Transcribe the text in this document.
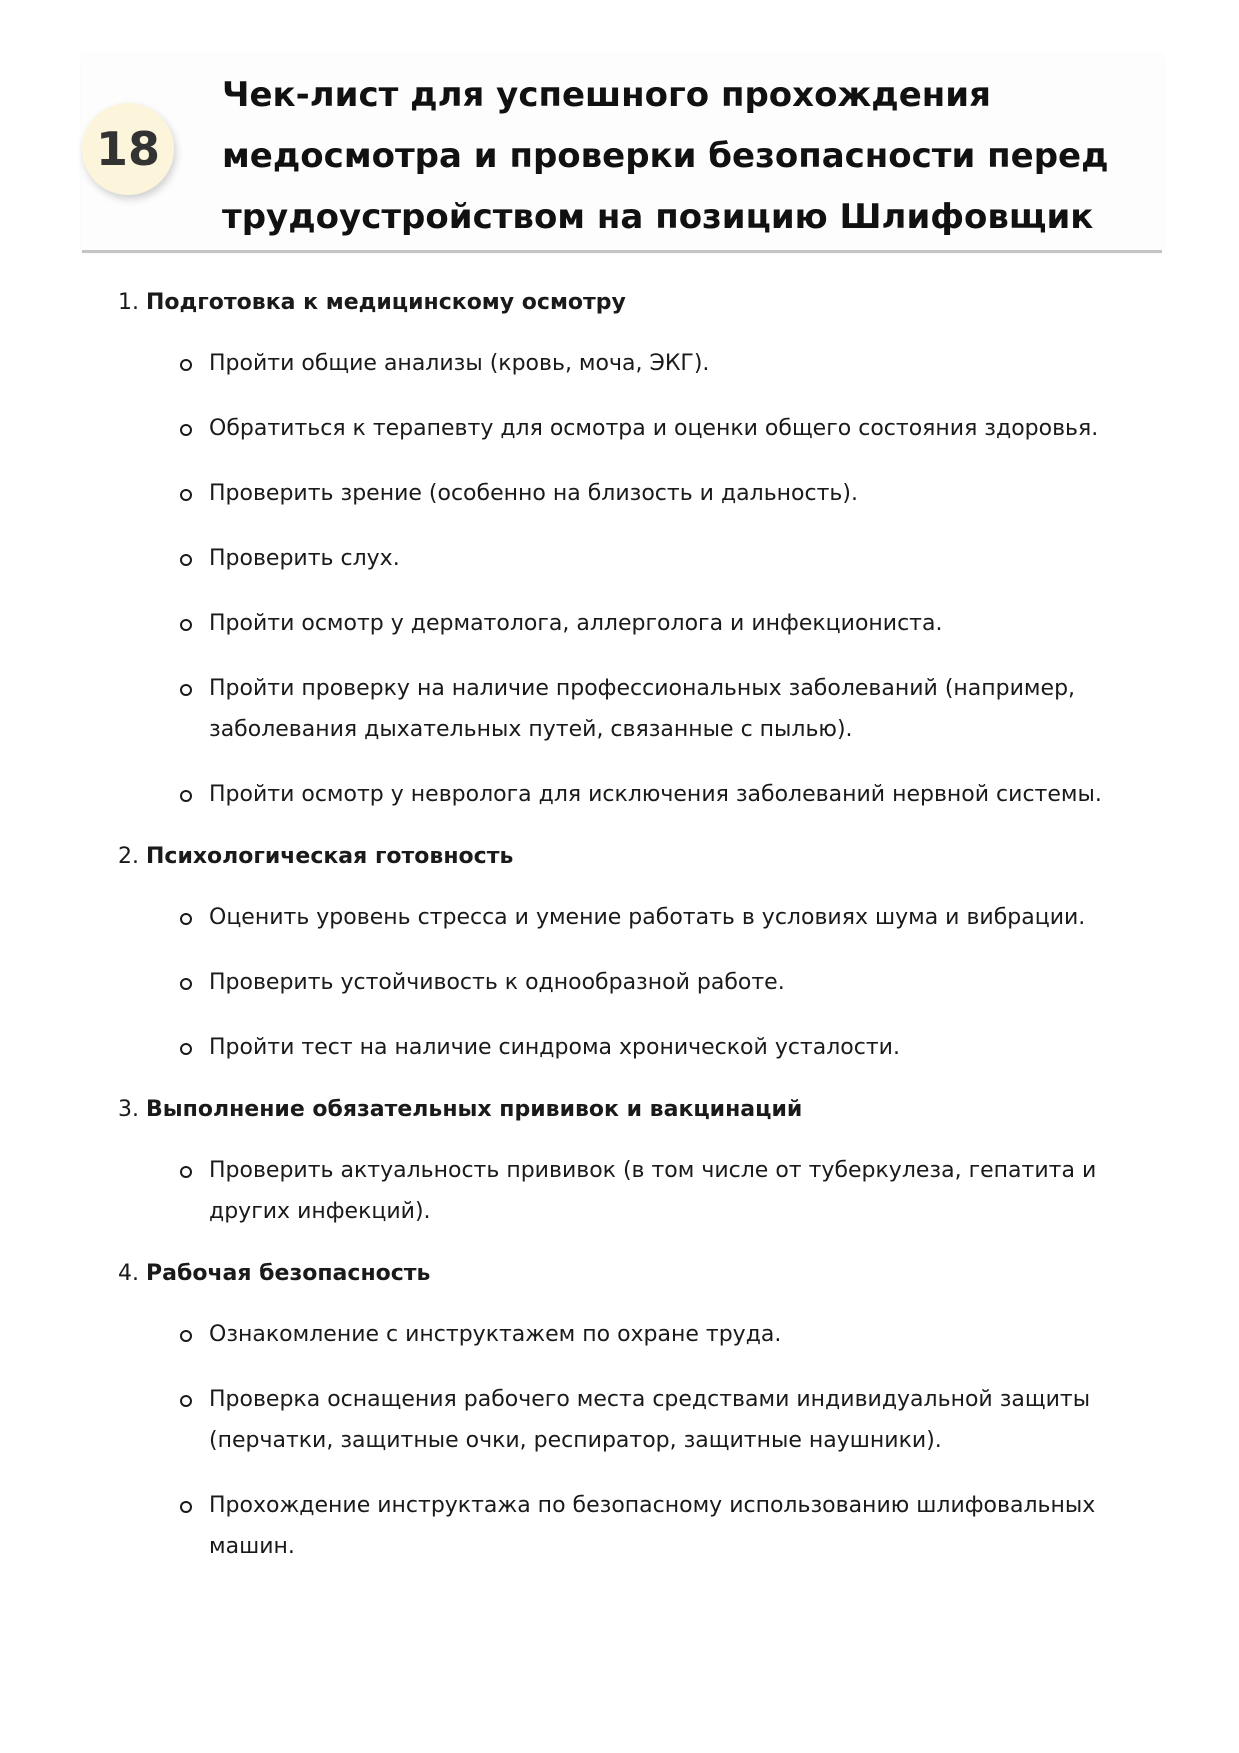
18
Чек-лист для успешного прохождения медосмотра и проверки безопасности перед трудоустройством на позицию Шлифовщик
1. Подготовка к медицинскому осмотру
Пройти общие анализы (кровь, моча, ЭКГ).
Обратиться к терапевту для осмотра и оценки общего состояния здоровья.
Проверить зрение (особенно на близость и дальность).
Проверить слух.
Пройти осмотр у дерматолога, аллерголога и инфекциониста.
Пройти проверку на наличие профессиональных заболеваний (например, заболевания дыхательных путей, связанные с пылью).
Пройти осмотр у невролога для исключения заболеваний нервной системы.
2. Психологическая готовность
Оценить уровень стресса и умение работать в условиях шума и вибрации.
Проверить устойчивость к однообразной работе.
Пройти тест на наличие синдрома хронической усталости.
3. Выполнение обязательных прививок и вакцинаций
Проверить актуальность прививок (в том числе от туберкулеза, гепатита и других инфекций).
4. Рабочая безопасность
Ознакомление с инструктажем по охране труда.
Проверка оснащения рабочего места средствами индивидуальной защиты (перчатки, защитные очки, респиратор, защитные наушники).
Прохождение инструктажа по безопасному использованию шлифовальных машин.
